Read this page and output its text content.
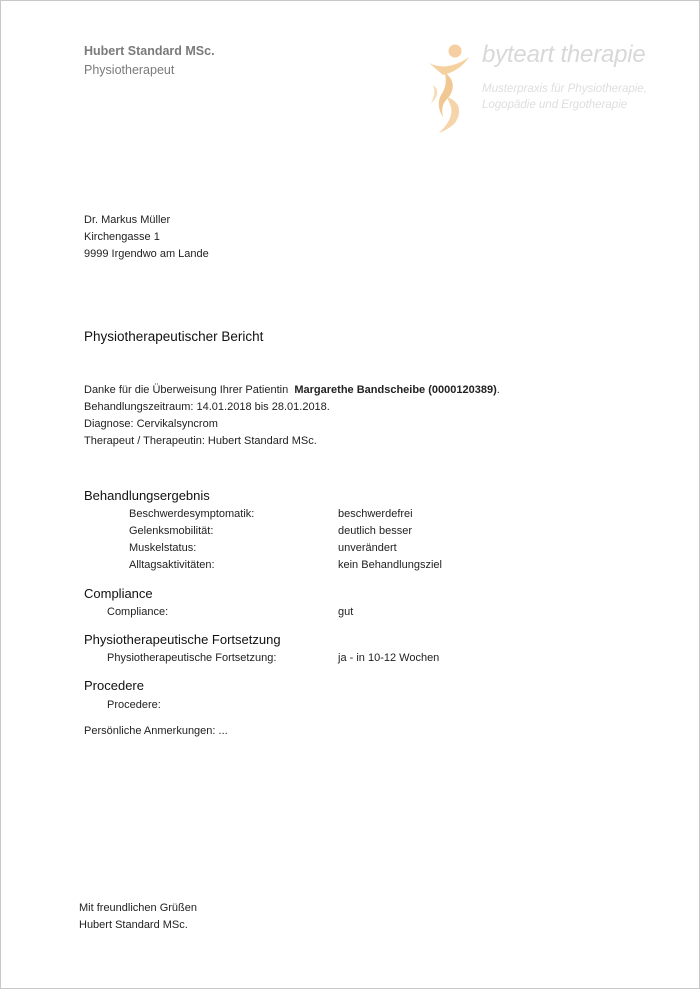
Hubert Standard MSc.
Physiotherapeut
byteart therapie
Musterpraxis für Physiotherapie,
Logopädie und Ergotherapie
Dr. Markus Müller
Kirchengasse 1
9999 Irgendwo am Lande
Physiotherapeutischer Bericht
Danke für die Überweisung Ihrer Patientin Margarethe Bandscheibe (0000120389).
Behandlungszeitraum: 14.01.2018 bis 28.01.2018.
Diagnose: Cervikalsyncrom
Therapeut / Therapeutin: Hubert Standard MSc.
Behandlungsergebnis
Beschwerdesymptomatik:	beschwerdefrei
Gelenksmobilität:	deutlich besser
Muskelstatus:	unverändert
Alltagsaktivitäten:	kein Behandlungsziel
Compliance
Compliance:	gut
Physiotherapeutische Fortsetzung
Physiotherapeutische Fortsetzung:	ja - in 10-12 Wochen
Procedere
Procedere:
Persönliche Anmerkungen: ...
Mit freundlichen Grüßen
Hubert Standard MSc.
